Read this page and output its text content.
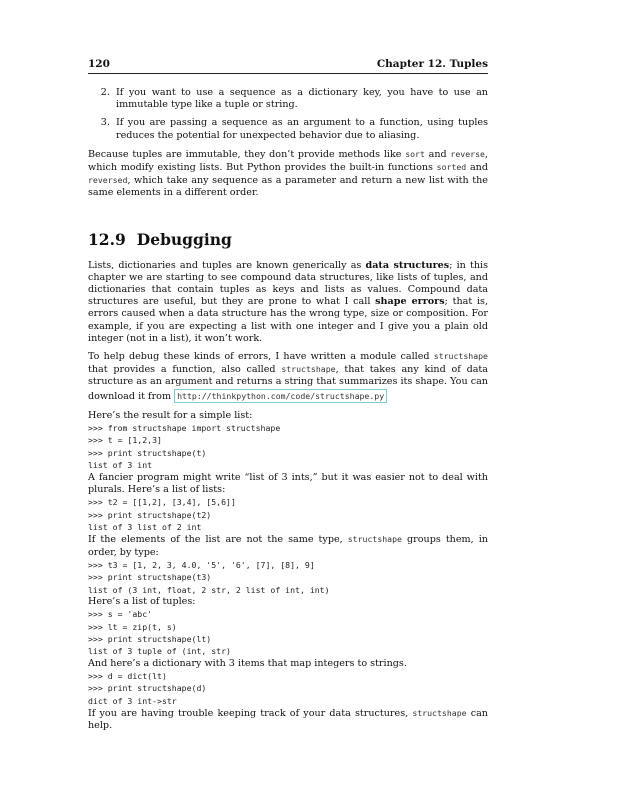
120	Chapter 12. Tuples
2. If you want to use a sequence as a dictionary key, you have to use an immutable type like a tuple or string.
3. If you are passing a sequence as an argument to a function, using tuples reduces the potential for unexpected behavior due to aliasing.

Because tuples are immutable, they don’t provide methods like sort and reverse, which modify existing lists. But Python provides the built-in functions sorted and reversed, which take any sequence as a parameter and return a new list with the same elements in a different order.

12.9 Debugging

Lists, dictionaries and tuples are known generically as data structures; in this chapter we are starting to see compound data structures, like lists of tuples, and dictionaries that contain tuples as keys and lists as values. Compound data structures are useful, but they are prone to what I call shape errors; that is, errors caused when a data structure has the wrong type, size or composition. For example, if you are expecting a list with one integer and I give you a plain old integer (not in a list), it won’t work.

To help debug these kinds of errors, I have written a module called structshape that provides a function, also called structshape, that takes any kind of data structure as an argument and returns a string that summarizes its shape. You can download it from http://thinkpython.com/code/structshape.py

Here’s the result for a simple list:

>>> from structshape import structshape
>>> t = [1,2,3]
>>> print structshape(t)
list of 3 int

A fancier program might write “list of 3 ints,” but it was easier not to deal with plurals. Here’s a list of lists:

>>> t2 = [[1,2], [3,4], [5,6]]
>>> print structshape(t2)
list of 3 list of 2 int

If the elements of the list are not the same type, structshape groups them, in order, by type:

>>> t3 = [1, 2, 3, 4.0, '5', '6', [7], [8], 9]
>>> print structshape(t3)
list of (3 int, float, 2 str, 2 list of int, int)

Here’s a list of tuples:

>>> s = 'abc'
>>> lt = zip(t, s)
>>> print structshape(lt)
list of 3 tuple of (int, str)

And here’s a dictionary with 3 items that map integers to strings.

>>> d = dict(lt)
>>> print structshape(d)
dict of 3 int->str

If you are having trouble keeping track of your data structures, structshape can help.
